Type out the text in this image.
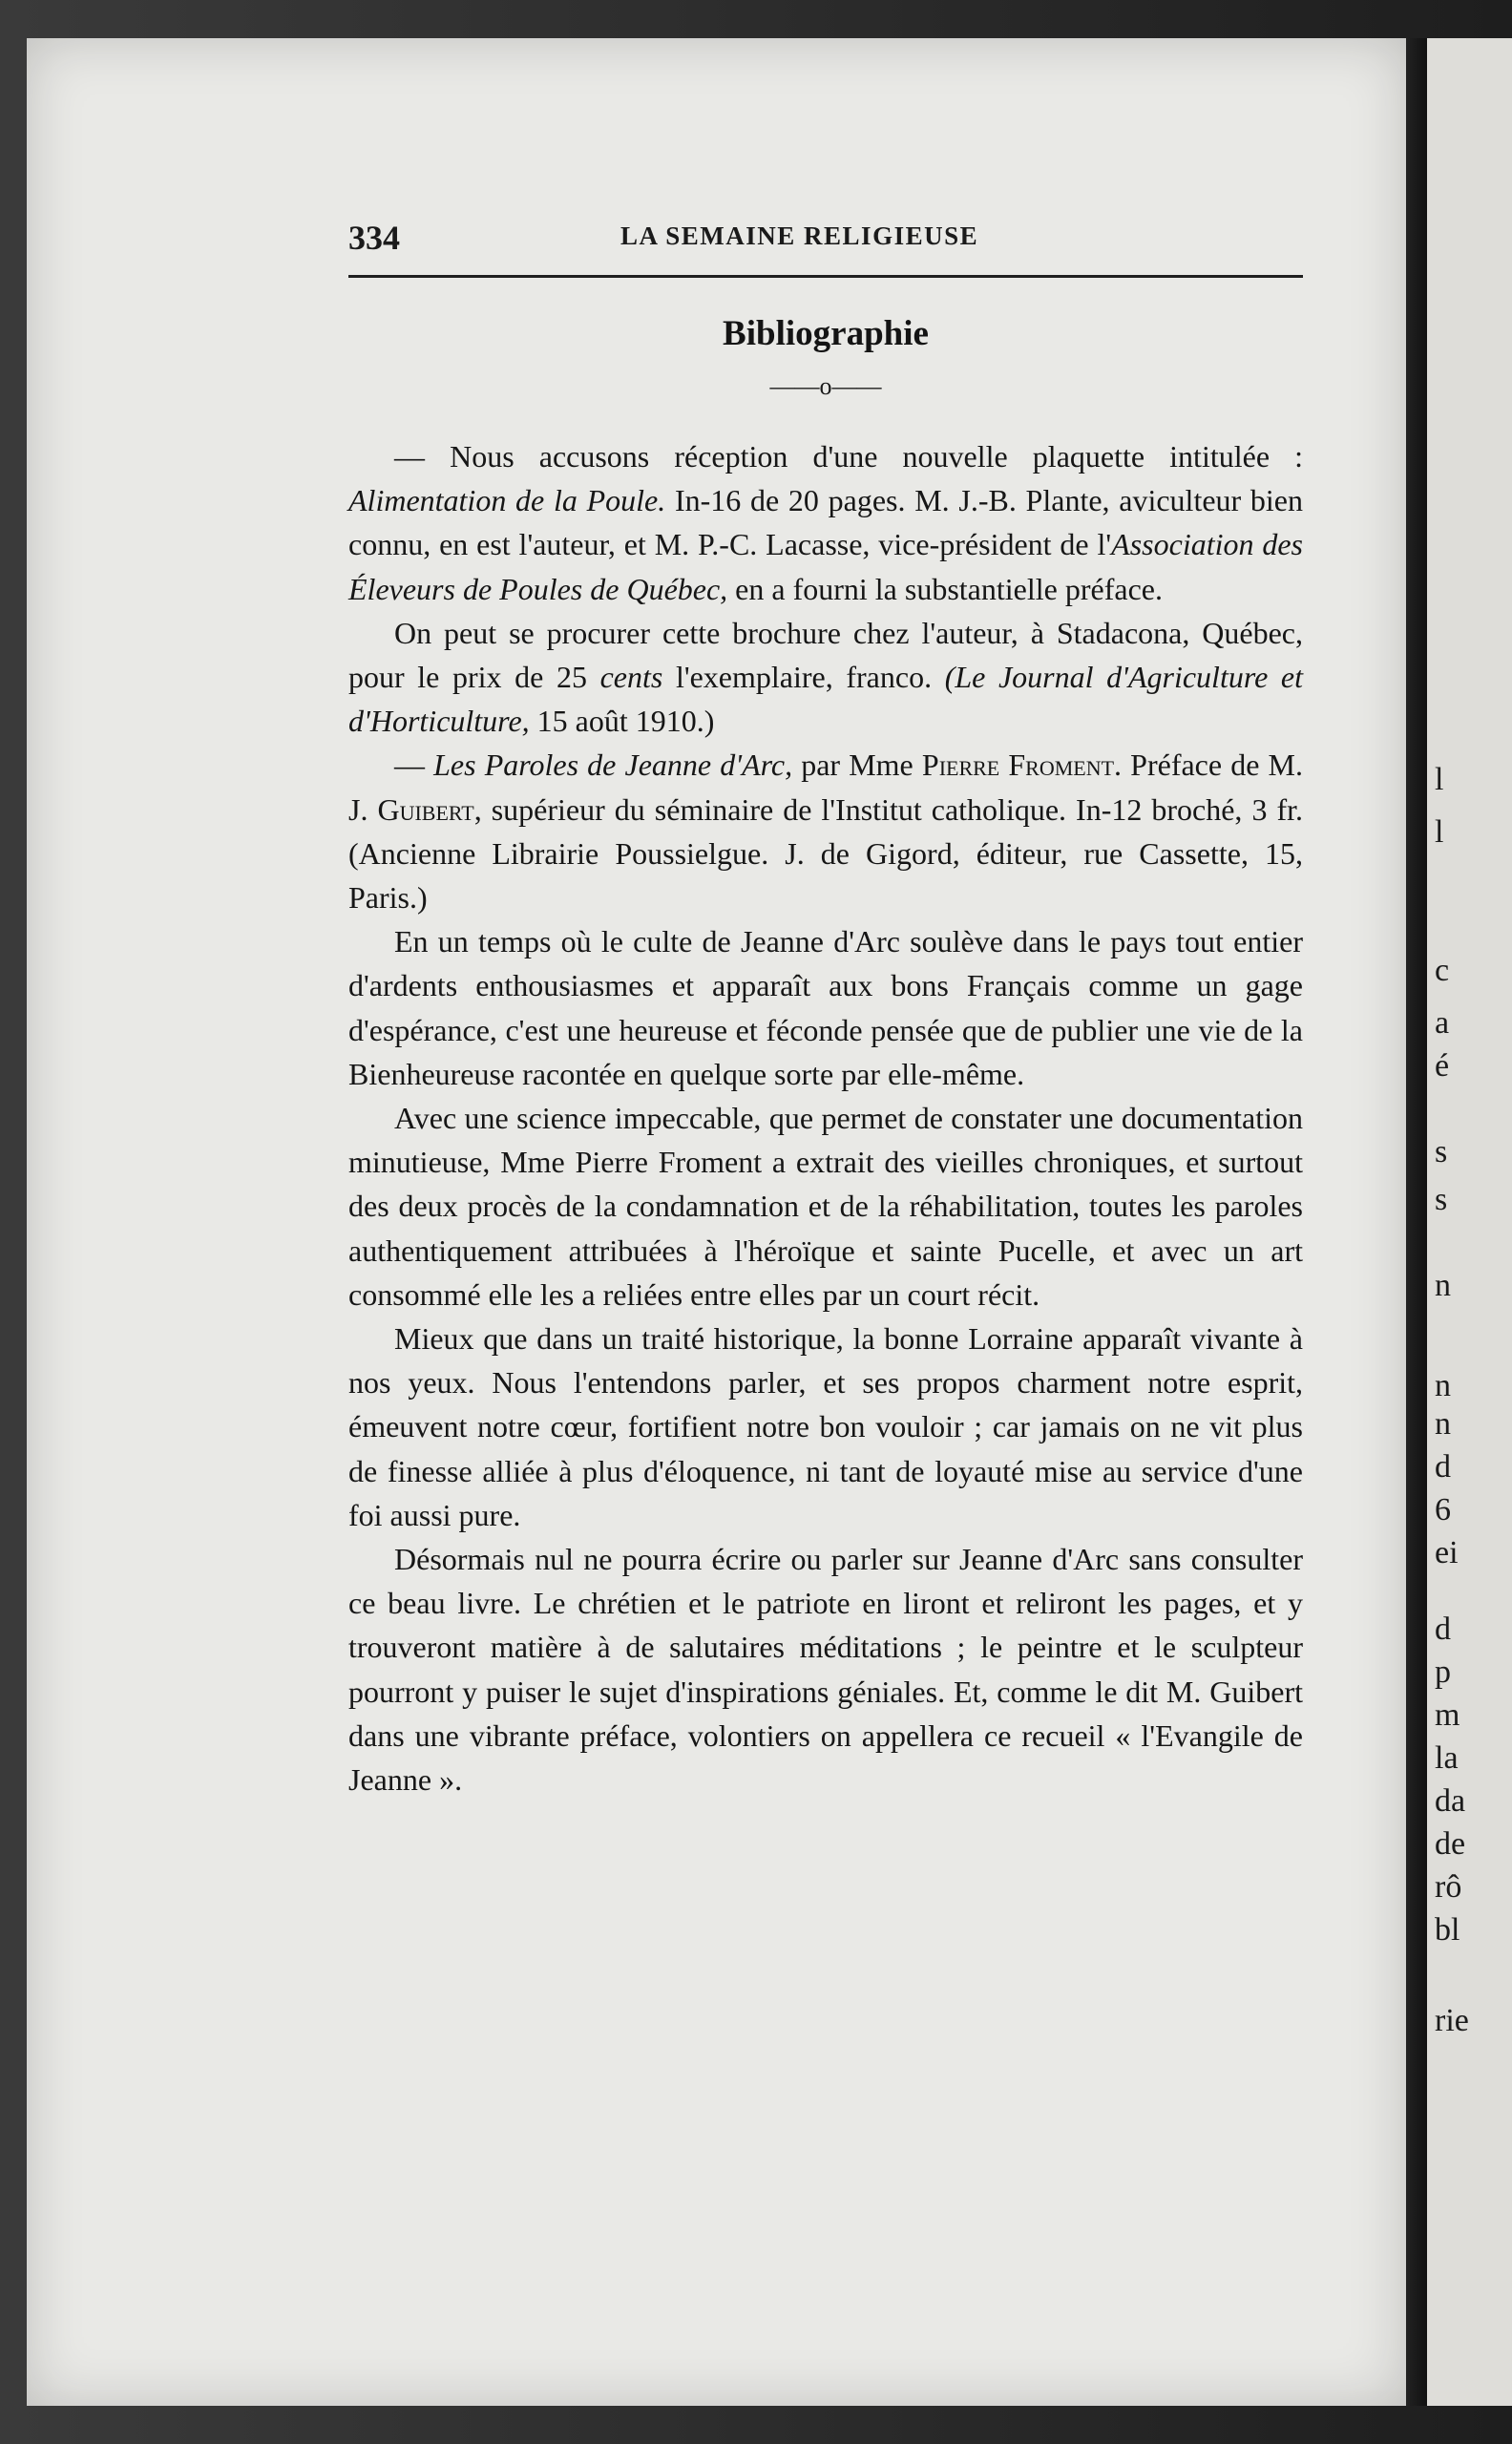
l
l
c
a
é
s
s
n
n
n
d
6
ei
d
p
m
la
da
de
rô
bl
rie
334	LA SEMAINE RELIGIEUSE
Bibliographie
——o——

— Nous accusons réception d'une nouvelle plaquette intitulée : Alimentation de la Poule. In-16 de 20 pages. M. J.-B. Plante, aviculteur bien connu, en est l'auteur, et M. P.-C. Lacasse, vice-président de l'Association des Éleveurs de Poules de Québec, en a fourni la substantielle préface.

On peut se procurer cette brochure chez l'auteur, à Stadacona, Québec, pour le prix de 25 cents l'exemplaire, franco. (Le Journal d'Agriculture et d'Horticulture, 15 août 1910.)

— Les Paroles de Jeanne d'Arc, par Mme Pierre Froment. Préface de M. J. Guibert, supérieur du séminaire de l'Institut catholique. In-12 broché, 3 fr. (Ancienne Librairie Poussielgue. J. de Gigord, éditeur, rue Cassette, 15, Paris.)

En un temps où le culte de Jeanne d'Arc soulève dans le pays tout entier d'ardents enthousiasmes et apparaît aux bons Français comme un gage d'espérance, c'est une heureuse et féconde pensée que de publier une vie de la Bienheureuse racontée en quelque sorte par elle-même.

Avec une science impeccable, que permet de constater une documentation minutieuse, Mme Pierre Froment a extrait des vieilles chroniques, et surtout des deux procès de la condamnation et de la réhabilitation, toutes les paroles authentiquement attribuées à l'héroïque et sainte Pucelle, et avec un art consommé elle les a reliées entre elles par un court récit.

Mieux que dans un traité historique, la bonne Lorraine apparaît vivante à nos yeux. Nous l'entendons parler, et ses propos charment notre esprit, émeuvent notre cœur, fortifient notre bon vouloir ; car jamais on ne vit plus de finesse alliée à plus d'éloquence, ni tant de loyauté mise au service d'une foi aussi pure.

Désormais nul ne pourra écrire ou parler sur Jeanne d'Arc sans consulter ce beau livre. Le chrétien et le patriote en liront et reliront les pages, et y trouveront matière à de salutaires méditations ; le peintre et le sculpteur pourront y puiser le sujet d'inspirations géniales. Et, comme le dit M. Guibert dans une vibrante préface, volontiers on appellera ce recueil « l'Evangile de Jeanne ».
